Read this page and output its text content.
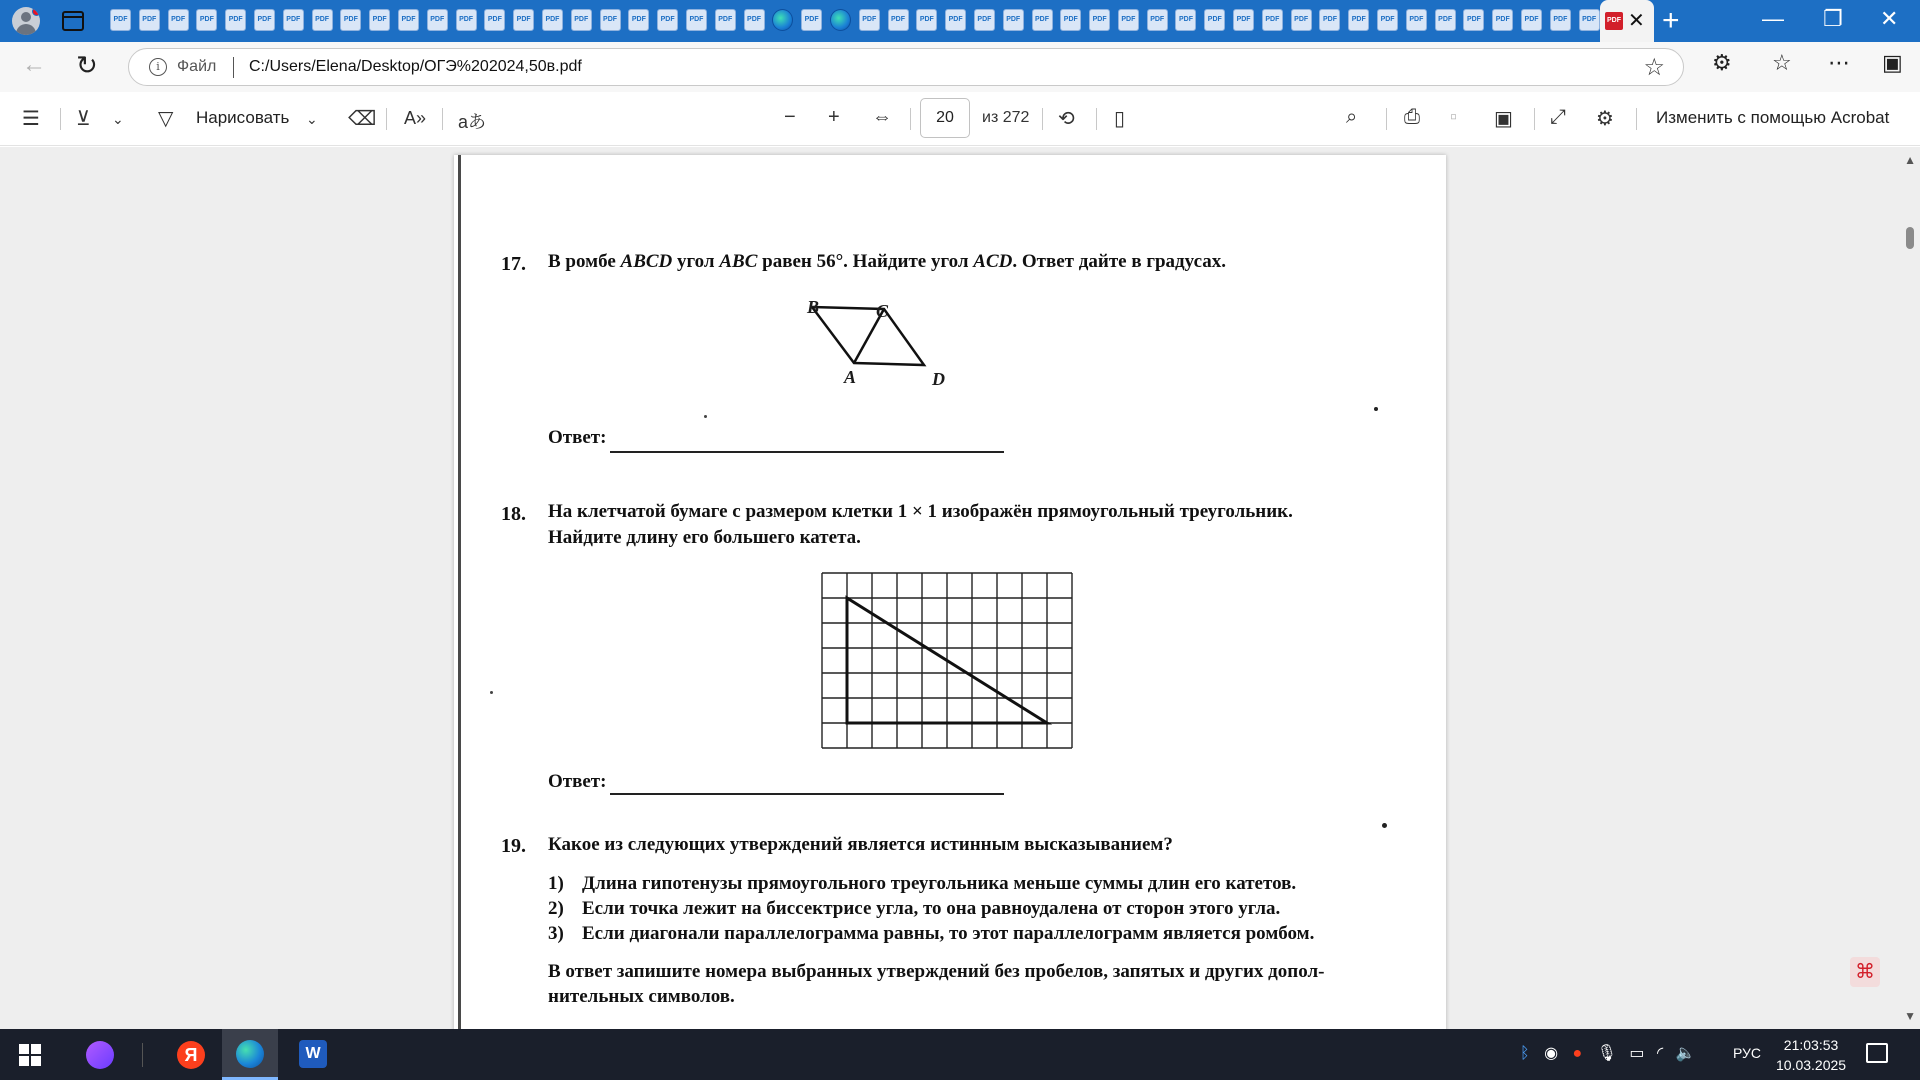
PDF	PDF	PDF	PDF	PDF	PDF	PDF	PDF	PDF	PDF	PDF	PDF	PDF	PDF	PDF	PDF	PDF	PDF	PDF	PDF	PDF	PDF	PDF	PDF	PDF	PDF	PDF	PDF	PDF	PDF	PDF	PDF	PDF	PDF	PDF	PDF	PDF	PDF	PDF	PDF	PDF	PDF	PDF	PDF	PDF	PDF	PDF	PDF	PDF	PDF	PDF ✕ +	— ❐ ✕
← ↻	i	Файл C:/Users/Elena/Desktop/ОГЭ%202024,50в.pdf	☆ ⚙ ☆ ⋯ ▣
☰ ⊻ ⌄ ▽ Нарисовать ⌄ ⌫ A» aあ	− + ⇔	20	из 272 ⟲ ▯	⌕ ⎙ ▫ ▣ ⤢ ⚙ Изменить с помощью Acrobat
17. В ромбе ABCD угол ABC равен 56°. Найдите угол ACD. Ответ дайте в градусах.
B	C
A	D
Ответ:
18. На клетчатой бумаге с размером клетки 1 × 1 изображён прямоугольный треугольник.
Найдите длину его большего катета.
Ответ:
19. Какое из следующих утверждений является истинным высказыванием?
1) Длина гипотенузы прямоугольного треугольника меньше суммы длин его катетов.
2) Если точка лежит на биссектрисе угла, то она равноудалена от сторон этого угла.
3) Если диагонали параллелограмма равны, то этот параллелограмм является ромбом.
В ответ запишите номера выбранных утверждений без пробелов, запятых и других допол-
нительных символов.
▲
▼
⌘
Я	W	ᛒ ◉ ● 🎙 ▭ ◜ 🔈	РУС	21:03:53
10.03.2025
